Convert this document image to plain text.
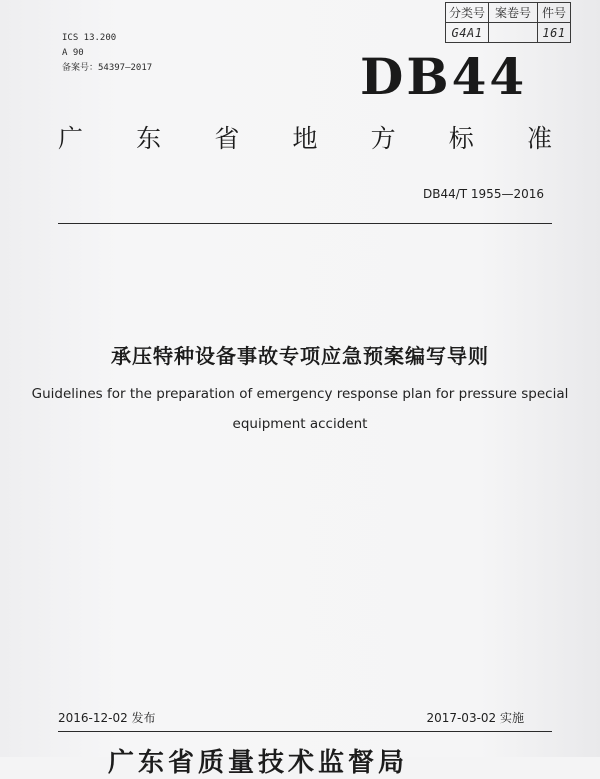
ICS 13.200
A 90
备案号：54397—2017
分类号	案卷号	件号
G4A1		161
DB44
广 东 省 地 方 标 准
DB44/T 1955—2016
承压特种设备事故专项应急预案编写导则
Guidelines for the preparation of emergency response plan for pressure special
equipment accident
2016-12-02 发布	2017-03-02 实施
广东省质量技术监督局
